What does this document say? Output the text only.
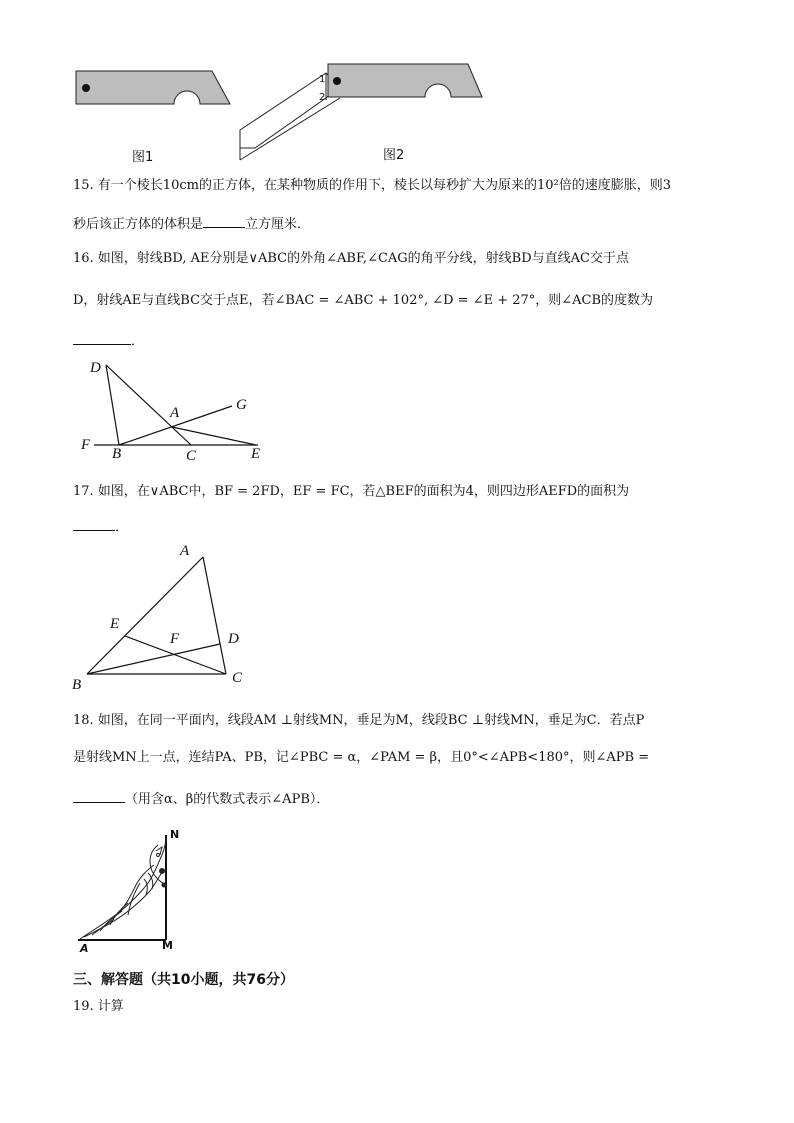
1
2
图1	图2
15. 有一个棱长10cm的正方体，在某种物质的作用下，棱长以每秒扩大为原来的10²倍的速度膨胀，则3
秒后该正方体的体积是	立方厘米．
16. 如图，射线BD, AE分别是∨ABC的外角∠ABF,∠CAG的角平分线，射线BD与直线AC交于点
D，射线AE与直线BC交于点E，若∠BAC = ∠ABC + 102°, ∠D = ∠E + 27°，则∠ACB的度数为
．
D
A	G
F
B	C	E
17. 如图，在∨ABC中，BF = 2FD，EF = FC，若△BEF的面积为4，则四边形AEFD的面积为
．
A
E
F	D
B	C
18. 如图，在同一平面内，线段AM ⊥射线MN，垂足为M，线段BC ⊥射线MN，垂足为C．若点P
是射线MN上一点，连结PA、PB，记∠PBC = α，∠PAM = β，且0°<∠APB<180°，则∠APB =
（用含α、β的代数式表示∠APB）．
N
A	M
三、解答题（共10小题，共76分）
19. 计算
